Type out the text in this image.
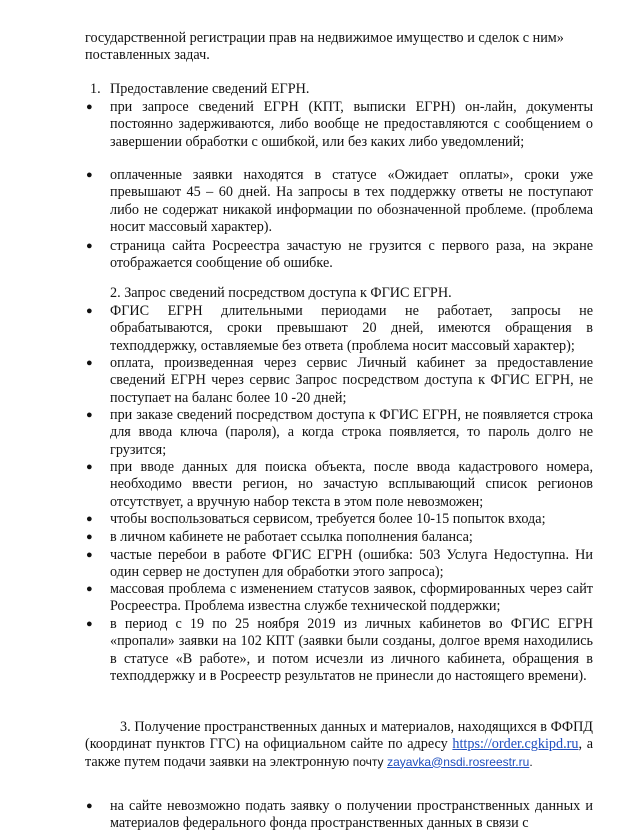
государственной регистрации прав на недвижимое имущество и сделок с ним» поставленных задач.

1. Предоставление сведений ЕГРН.

● при запросе сведений ЕГРН (КПТ, выписки ЕГРН) он-лайн, документы постоянно задерживаются, либо вообще не предоставляются с сообщением о завершении обработки с ошибкой, или без каких либо уведомлений;

● оплаченные заявки находятся в статусе «Ожидает оплаты», сроки уже превышают 45 – 60 дней. На запросы в тех поддержку ответы не поступают либо не содержат никакой информации по обозначенной проблеме. (проблема носит массовый характер).

● страница сайта Росреестра зачастую не грузится с первого раза, на экране отображается сообщение об ошибке.

2. Запрос сведений посредством доступа к ФГИС ЕГРН.

● ФГИС ЕГРН длительными периодами не работает, запросы не обрабатываются, сроки превышают 20 дней, имеются обращения в техподдержку, оставляемые без ответа (проблема носит массовый характер);

● оплата, произведенная через сервис Личный кабинет за предоставление сведений ЕГРН через сервис Запрос посредством доступа к ФГИС ЕГРН, не поступает на баланс более 10 -20 дней;

● при заказе сведений посредством доступа к ФГИС ЕГРН, не появляется строка для ввода ключа (пароля), а когда строка появляется, то пароль долго не грузится;

● при вводе данных для поиска объекта, после ввода кадастрового номера, необходимо ввести регион, но зачастую всплывающий список регионов отсутствует, а вручную набор текста в этом поле невозможен;

● чтобы воспользоваться сервисом, требуется более 10-15 попыток входа;

● в личном кабинете не работает ссылка пополнения баланса;

● частые перебои в работе ФГИС ЕГРН (ошибка: 503 Услуга Недоступна. Ни один сервер не доступен для обработки этого запроса);

● массовая проблема с изменением статусов заявок, сформированных через сайт Росреестра. Проблема известна службе технической поддержки;

● в период с 19 по 25 ноября 2019 из личных кабинетов во ФГИС ЕГРН «пропали» заявки на 102 КПТ (заявки были созданы, долгое время находились в статусе «В работе», и потом исчезли из личного кабинета, обращения в техподдержку и в Росреестр результатов не принесли до настоящего времени).

3. Получение пространственных данных и материалов, находящихся в ФФПД (координат пунктов ГГС) на официальном сайте по адресу https://order.cgkipd.ru, а также путем подачи заявки на электронную почту zayavka@nsdi.rosreestr.ru.

● на сайте невозможно подать заявку о получении пространственных данных и материалов федерального фонда пространственных данных в связи с
